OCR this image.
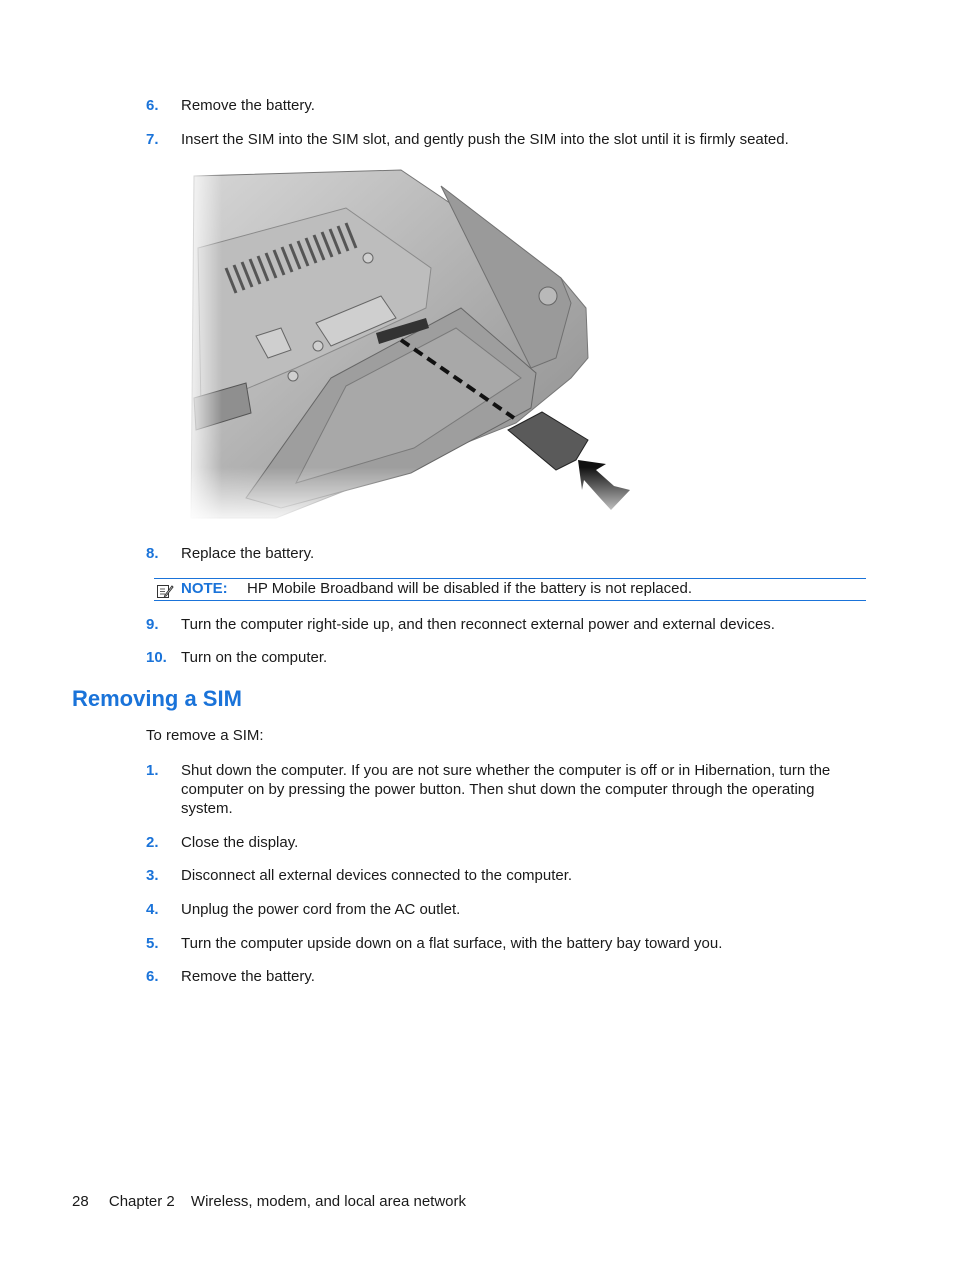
6. Remove the battery.
7. Insert the SIM into the SIM slot, and gently push the SIM into the slot until it is firmly seated.
8. Replace the battery.
NOTE: HP Mobile Broadband will be disabled if the battery is not replaced.
9. Turn the computer right-side up, and then reconnect external power and external devices.
10. Turn on the computer.
Removing a SIM
To remove a SIM:
1. Shut down the computer. If you are not sure whether the computer is off or in Hibernation, turn the computer on by pressing the power button. Then shut down the computer through the operating system.
2. Close the display.
3. Disconnect all external devices connected to the computer.
4. Unplug the power cord from the AC outlet.
5. Turn the computer upside down on a flat surface, with the battery bay toward you.
6. Remove the battery.
28 Chapter 2 Wireless, modem, and local area network
